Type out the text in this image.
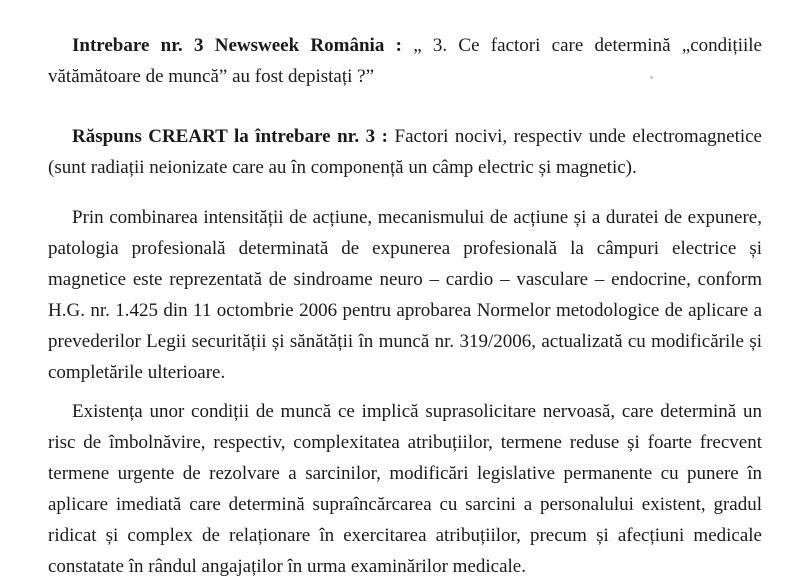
Intrebare nr. 3 Newsweek România : „ 3. Ce factori care determină „condițiile vătămătoare de muncă” au fost depistați ?”

Răspuns CREART la întrebare nr. 3 : Factori nocivi, respectiv unde electromagnetice (sunt radiații neionizate care au în componență un câmp electric și magnetic).

Prin combinarea intensității de acțiune, mecanismului de acțiune și a duratei de expunere, patologia profesională determinată de expunerea profesională la câmpuri electrice și magnetice este reprezentată de sindroame neuro – cardio – vasculare – endocrine, conform H.G. nr. 1.425 din 11 octombrie 2006 pentru aprobarea Normelor metodologice de aplicare a prevederilor Legii securității și sănătății în muncă nr. 319/2006, actualizată cu modificările și completările ulterioare.

Existența unor condiții de muncă ce implică suprasolicitare nervoasă, care determină un risc de îmbolnăvire, respectiv, complexitatea atribuțiilor, termene reduse și foarte frecvent termene urgente de rezolvare a sarcinilor, modificări legislative permanente cu punere în aplicare imediată care determină supraîncărcarea cu sarcini a personalului existent, gradul ridicat și complex de relaționare în exercitarea atribuțiilor, precum și afecțiuni medicale constatate în rândul angajaților în urma examinărilor medicale.
